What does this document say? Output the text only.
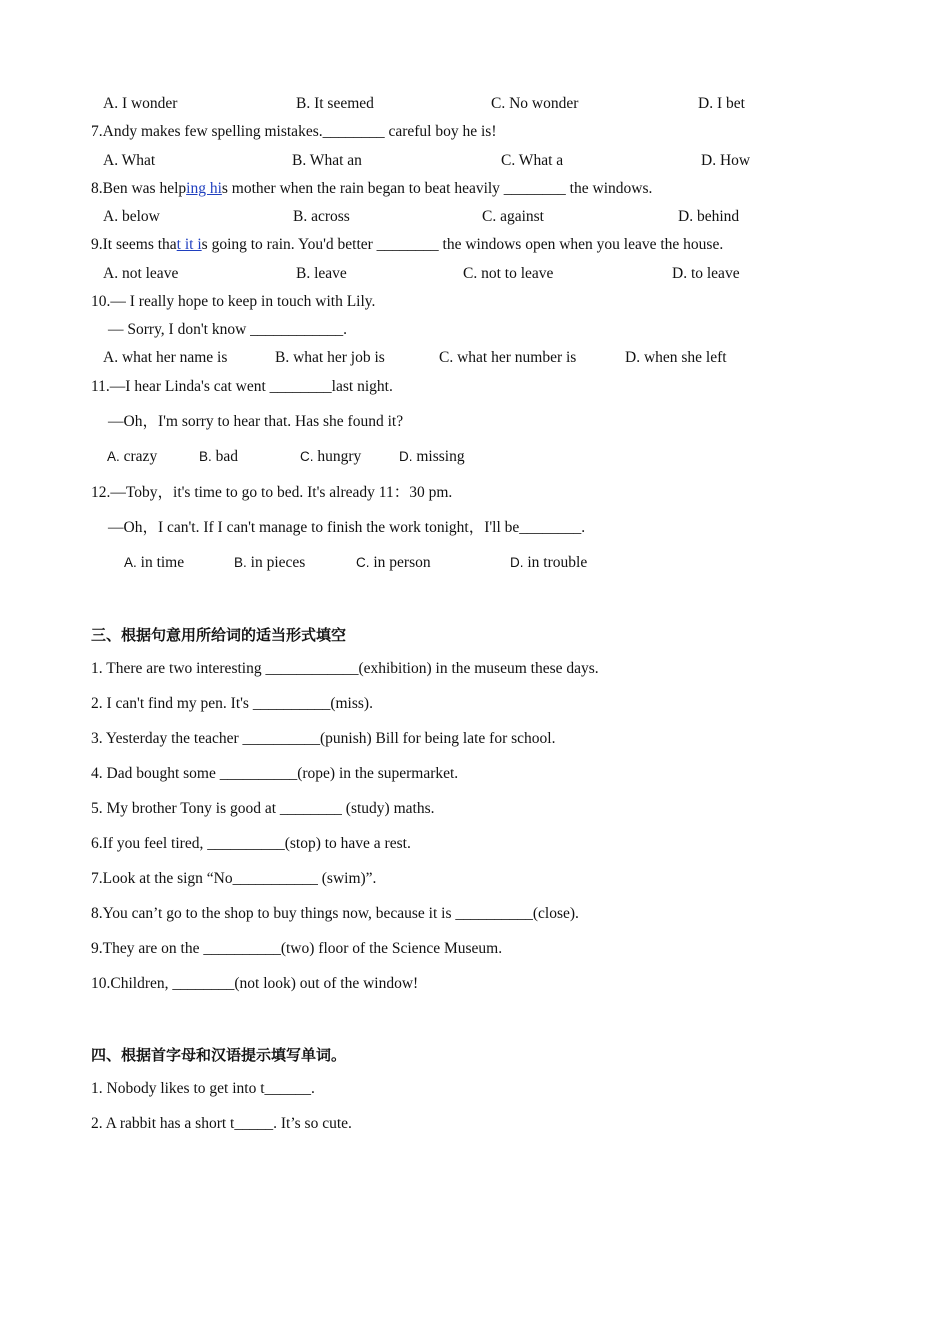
A. I wonder	B. It seemed	C. No wonder	D. I bet
7.Andy makes few spelling mistakes.________ careful boy he is!
A. What	B. What an	C. What a	D. How
8.Ben was helping his mother when the rain began to beat heavily ________ the windows.
A. below	B. across	C. against	D. behind
9.It seems that it is going to rain. You'd better ________ the windows open when you leave the house.
A. not leave	B. leave	C. not to leave	D. to leave
10.— I really hope to keep in touch with Lily.
— Sorry, I don't know ____________.
A. what her name is	B. what her job is	C. what her number is	D. when she left
11.—I hear Linda's cat went ________last night.
—Oh，I'm sorry to hear that. Has she found it?
A. crazy	B. bad	C. hungry	D. missing
12.—Toby，it's time to go to bed. It's already 11：30 pm.
—Oh，I can't. If I can't manage to finish the work tonight，I'll be________.
A. in time	B. in pieces	C. in person	D. in trouble
三、根据句意用所给词的适当形式填空
1. There are two interesting ____________(exhibition) in the museum these days.
2. I can't find my pen. It's __________(miss).
3. Yesterday the teacher __________(punish) Bill for being late for school.
4. Dad bought some __________(rope) in the supermarket.
5. My brother Tony is good at ________ (study) maths.
6.If you feel tired, __________(stop) to have a rest.
7.Look at the sign “No___________ (swim)”.
8.You can’t go to the shop to buy things now, because it is __________(close).
9.They are on the __________(two) floor of the Science Museum.
10.Children, ________(not look) out of the window!
四、根据首字母和汉语提示填写单词。
1. Nobody likes to get into t______.
2. A rabbit has a short t_____. It’s so cute.
